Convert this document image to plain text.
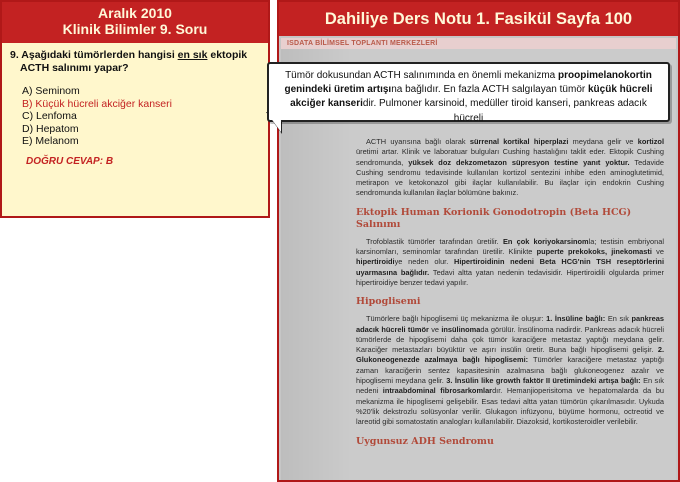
Aralık 2010
Klinik Bilimler 9. Soru
9. Aşağıdaki tümörlerden hangisi en sık ektopik
ACTH salınımı yapar?
A) Seminom
B) Küçük hücreli akciğer kanseri
C) Lenfoma
D) Hepatom
E) Melanom
DOĞRU CEVAP: B
Dahiliye Ders Notu 1. Fasikül Sayfa 100
ISDATA BİLİMSEL TOPLANTI MERKEZLERİ

ACTH uyarısına bağlı olarak sürrenal kortikal hiperplazi meydana gelir ve kortizol üretimi artar. Klinik ve laboratuar bulguları Cushing hastalığını taklit eder. Ektopik Cushing sendromunda, yüksek doz dekzometazon süpresyon testine yanıt yoktur. Tedavide Cushing sendromu tedavisinde kullanılan kortizol sentezini inhibe eden aminoglutetimid, metirapon ve ketokonazol gibi ilaçlar kullanılabilir. Bu ilaçlar için endokrin Cushing sendromunda kullanılan ilaçlar bölümüne bakınız.

Ektopik Human Korionik Gonodotropin (Beta HCG) Salınımı

Trofoblastik tümörler tarafından üretilir. En çok koriyokarsinomla; testisin embriyonal karsinomları, seminomlar tarafından üretilir. Klinikte puperte prekokoks, jinekomasti ve hipertiroidiye neden olur. Hipertiroidinin nedeni Beta HCG'nin TSH reseptörlerini uyarmasına bağlıdır. Tedavi altta yatan nedenin tedavisidir. Hipertiroidili olgularda primer hipertiroidiye benzer tedavi yapılır.

Hipoglisemi

Tümörlere bağlı hipoglisemi üç mekanizma ile oluşur: 1. İnsüline bağlı: En sık pankreas adacık hücreli tümör ve insülinomada görülür. İnsülinoma nadirdir. Pankreas adacık hücreli tümörlerde de hipoglisemi daha çok tümör karaciğere metastaz yaptığı meydana gelir. Karaciğer metastazları büyüktür ve aşırı insülin üretir. Buna bağlı hipoglisemi gelişir. 2. Glukoneogenezde azalmaya bağlı hipoglisemi: Tümörler karaciğere metastaz yaptığı zaman karaciğerin sentez kapasitesinin azalmasına bağlı glukoneogenez azalır ve hipoglisemi meydana gelir. 3. İnsülin like growth faktör II üretimindeki artışa bağlı: En sık nedeni intraabdominal fibrosarkomlardır. Hemanjioperisitoma ve hepatomalarda da bu mekanizma ile hipoglisemi gelişebilir. Esas tedavi altta yatan tümörün çıkarılmasıdır. Uykuda %20'lik dekstrozlu solüsyonlar verilir. Glukagon infüzyonu, büyüme hormonu, octreotid ve lareotid gibi somatostatin analogları kullanılabilir. Diazoksid, kortikosteroidler verilebilir.

Uygunsuz ADH Sendromu
Tümör dokusundan ACTH salınımında en önemli mekanizma proopimelanokortin genindeki üretim artışına bağlıdır. En fazla ACTH salgılayan tümör küçük hücreli akciğer kanseridir. Pulmoner karsinoid, medüller tiroid kanseri, pankreas adacık hücreli
